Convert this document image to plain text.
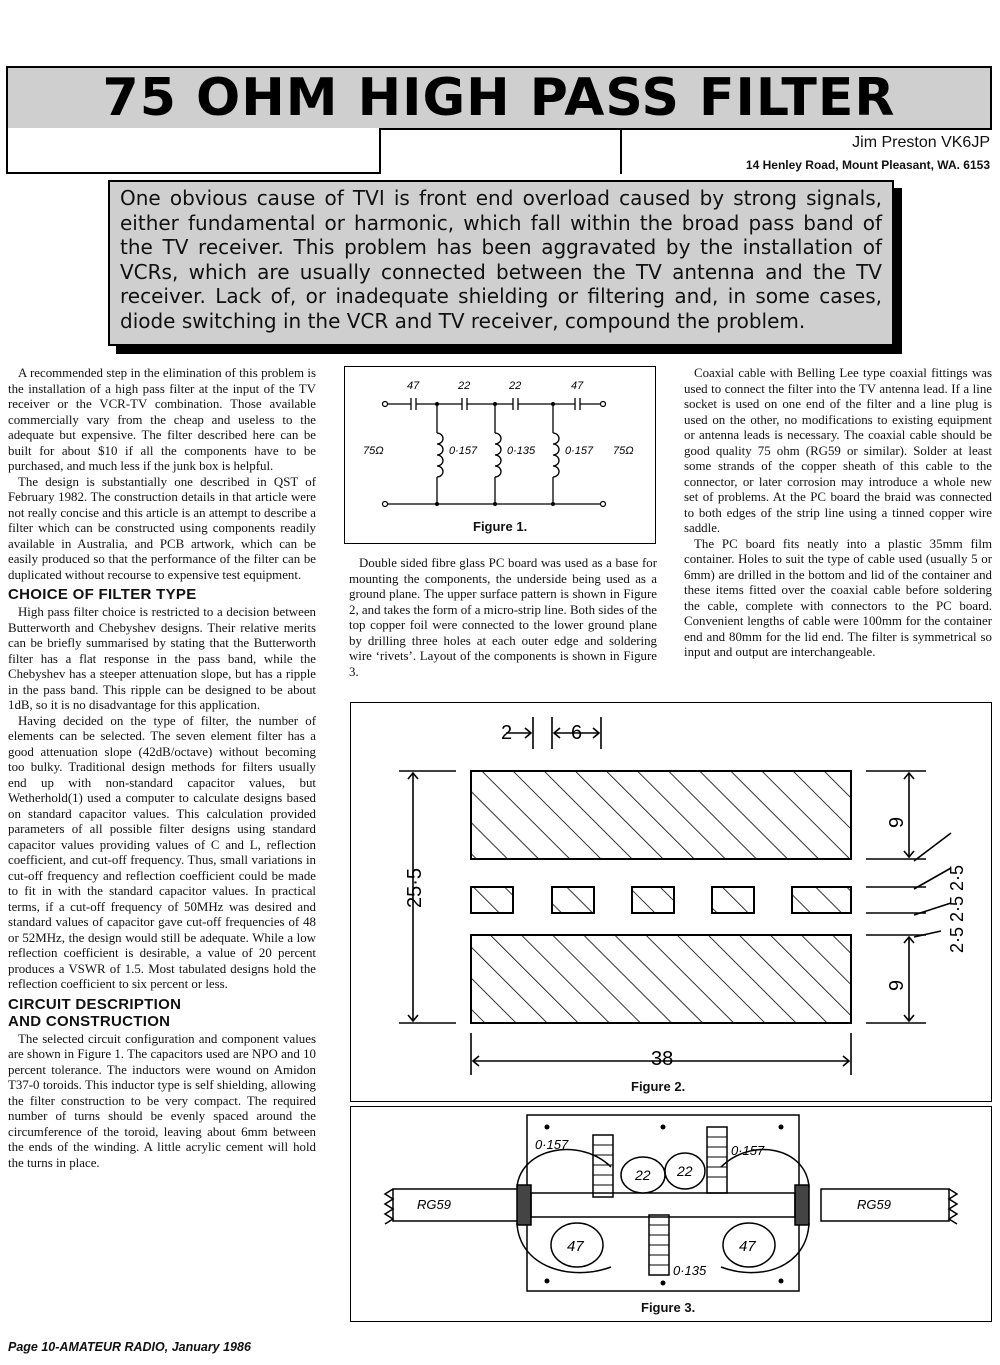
75 OHM HIGH PASS FILTER
Jim Preston VK6JP
14 Henley Road, Mount Pleasant, WA. 6153
One obvious cause of TVI is front end overload caused by strong signals, either fundamental or harmonic, which fall within the broad pass band of the TV receiver. This problem has been aggravated by the installation of VCRs, which are usually connected between the TV antenna and the TV receiver. Lack of, or inadequate shielding or filtering and, in some cases, diode switching in the VCR and TV receiver, compound the problem.

A recommended step in the elimination of this problem is the installation of a high pass filter at the input of the TV receiver or the VCR-TV combination. Those available commercially vary from the cheap and useless to the adequate but expensive. The filter described here can be built for about $10 if all the components have to be purchased, and much less if the junk box is helpful.

The design is substantially one described in QST of February 1982. The construction details in that article were not really concise and this article is an attempt to describe a filter which can be constructed using components readily available in Australia, and PCB artwork, which can be easily produced so that the performance of the filter can be duplicated without recourse to expensive test equipment.

CHOICE OF FILTER TYPE

High pass filter choice is restricted to a decision between Butterworth and Chebyshev designs. Their relative merits can be briefly summarised by stating that the Butterworth filter has a flat response in the pass band, while the Chebyshev has a steeper attenuation slope, but has a ripple in the pass band. This ripple can be designed to be about 1dB, so it is no disadvantage for this application.

Having decided on the type of filter, the number of elements can be selected. The seven element filter has a good attenuation slope (42dB/octave) without becoming too bulky. Traditional design methods for filters usually end up with non-standard capacitor values, but Wetherhold(1) used a computer to calculate designs based on standard capacitor values. This calculation provided parameters of all possible filter designs using standard capacitor values providing values of C and L, reflection coefficient, and cut-off frequency. Thus, small variations in cut-off frequency and reflection coefficient could be made to fit in with the standard capacitor values. In practical terms, if a cut-off frequency of 50MHz was desired and standard values of capacitor gave cut-off frequencies of 48 or 52MHz, the design would still be adequate. While a low reflection coefficient is desirable, a value of 20 percent produces a VSWR of 1.5. Most tabulated designs hold the reflection coefficient to six percent or less.

CIRCUIT DESCRIPTION
AND CONSTRUCTION

The selected circuit configuration and component values are shown in Figure 1. The capacitors used are NPO and 10 percent tolerance. The inductors were wound on Amidon T37-0 toroids. This inductor type is self shielding, allowing the filter construction to be very compact. The required number of turns should be evenly spaced around the circumference of the toroid, leaving about 6mm between the ends of the winding. A little acrylic cement will hold the turns in place.

47	22	22	47
0·157	0·135	0·157
75Ω	75Ω
Figure 1.

Double sided fibre glass PC board was used as a base for mounting the components, the underside being used as a ground plane. The upper surface pattern is shown in Figure 2, and takes the form of a micro-strip line. Both sides of the top copper foil were connected to the lower ground plane by drilling three holes at each outer edge and soldering wire ‘rivets’. Layout of the components is shown in Figure 3.

Coaxial cable with Belling Lee type coaxial fittings was used to connect the filter into the TV antenna lead. If a line socket is used on one end of the filter and a line plug is used on the other, no modifications to existing equipment or antenna leads is necessary. The coaxial cable should be good quality 75 ohm (RG59 or similar). Solder at least some strands of the copper sheath of this cable to the connector, or later corrosion may introduce a whole new set of problems. At the PC board the braid was connected to both edges of the strip line using a tinned copper wire saddle.

The PC board fits neatly into a plastic 35mm film container. Holes to suit the type of cable used (usually 5 or 6mm) are drilled in the bottom and lid of the container and these items fitted over the coaxial cable before soldering the cable, complete with connectors to the PC board. Convenient lengths of cable were 100mm for the container end and 80mm for the lid end. The filter is symmetrical so input and output are interchangeable.

2	6
38
25·5
9
9
2·5 2·5 2·5
Figure 2.
RG59	RG59
0·157	0·157
0·135
22 22
47	47
Figure 3.
Page 10-AMATEUR RADIO, January 1986
